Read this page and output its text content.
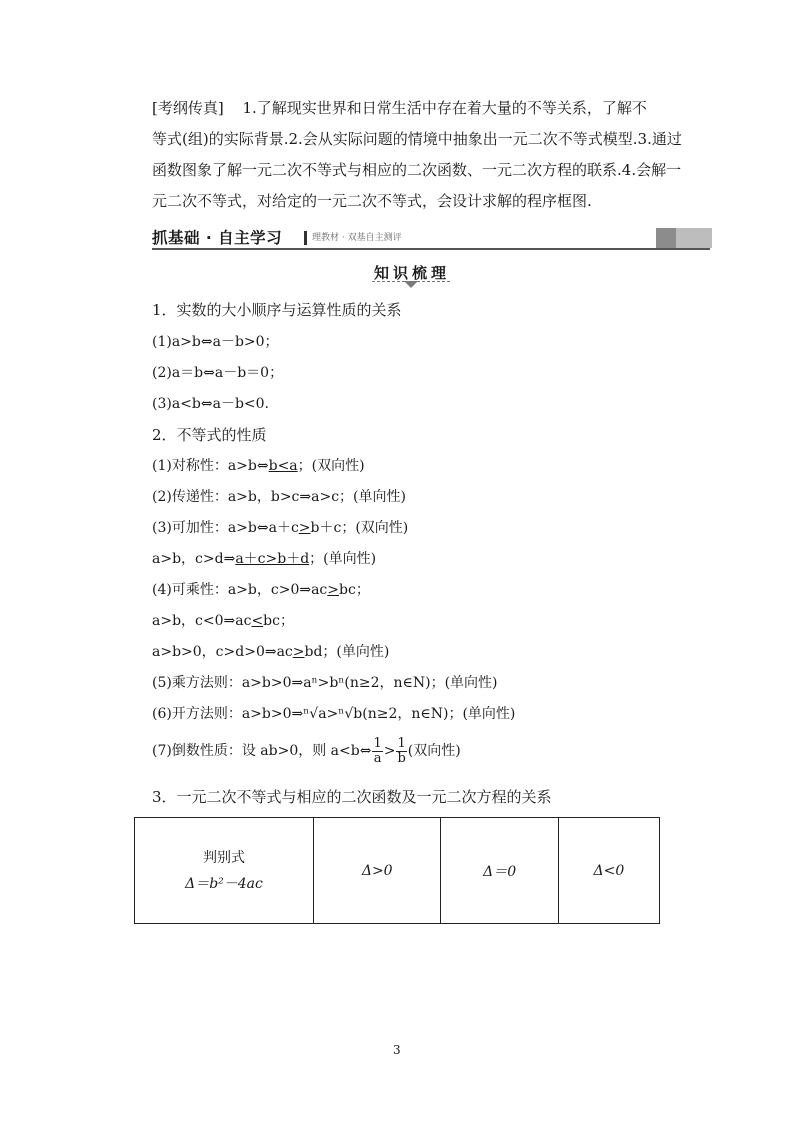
[考纲传真] 1.了解现实世界和日常生活中存在着大量的不等关系，了解不
等式(组)的实际背景.2.会从实际问题的情境中抽象出一元二次不等式模型.3.通过
函数图象了解一元二次不等式与相应的二次函数、一元二次方程的联系.4.会解一
元二次不等式，对给定的一元二次不等式，会设计求解的程序框图.
抓基础 · 自主学习	理教材 · 双基自主测评
知识梳理
1．实数的大小顺序与运算性质的关系
(1)a>b⇔a－b>0；
(2)a＝b⇔a－b＝0；
(3)a<b⇔a－b<0.
2．不等式的性质
(1)对称性：a>b⇔b<a；(双向性)
(2)传递性：a>b，b>c⇒a>c；(单向性)
(3)可加性：a>b⇔a＋c>b＋c；(双向性)
a>b，c>d⇒a＋c>b＋d；(单向性)
(4)可乘性：a>b，c>0⇒ac>bc；
a>b，c<0⇒ac<bc；
a>b>0，c>d>0⇒ac>bd；(单向性)
(5)乘方法则：a>b>0⇒aⁿ>bⁿ(n≥2，n∈N)；(单向性)
(6)开方法则：a>b>0⇒ⁿ√a>ⁿ√b(n≥2，n∈N)；(单向性)
(7)倒数性质：设 ab>0，则 a<b⇔ $\frac{1}{a} > \frac{1}{b}$ (双向性)
3．一元二次不等式与相应的二次函数及一元二次方程的关系
判别式
Δ＝b²－4ac
	Δ>0	Δ＝0	Δ<0
3
